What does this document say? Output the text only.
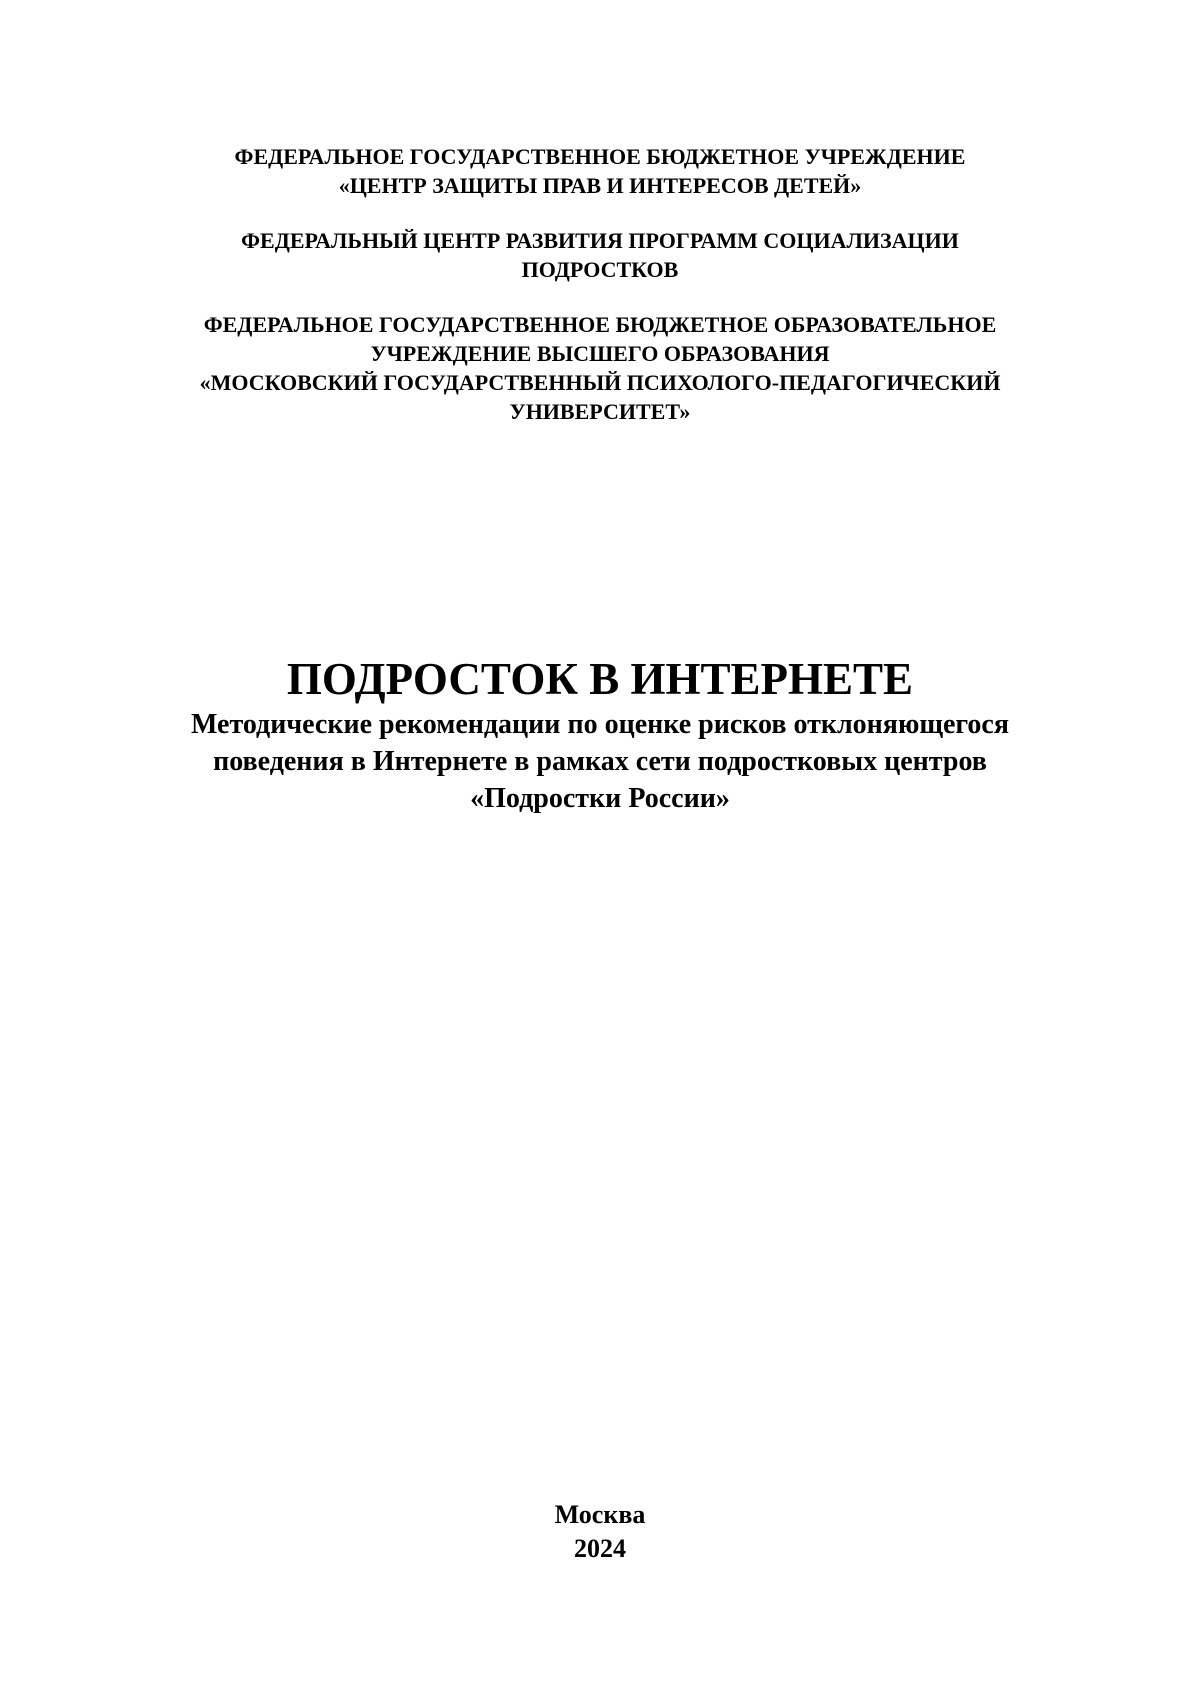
ФЕДЕРАЛЬНОЕ ГОСУДАРСТВЕННОЕ БЮДЖЕТНОЕ УЧРЕЖДЕНИЕ
«ЦЕНТР ЗАЩИТЫ ПРАВ И ИНТЕРЕСОВ ДЕТЕЙ»
ФЕДЕРАЛЬНЫЙ ЦЕНТР РАЗВИТИЯ ПРОГРАММ СОЦИАЛИЗАЦИИ
ПОДРОСТКОВ
ФЕДЕРАЛЬНОЕ ГОСУДАРСТВЕННОЕ БЮДЖЕТНОЕ ОБРАЗОВАТЕЛЬНОЕ
УЧРЕЖДЕНИЕ ВЫСШЕГО ОБРАЗОВАНИЯ
«МОСКОВСКИЙ ГОСУДАРСТВЕННЫЙ ПСИХОЛОГО-ПЕДАГОГИЧЕСКИЙ
УНИВЕРСИТЕТ»
ПОДРОСТОК В ИНТЕРНЕТЕ
Методические рекомендации по оценке рисков отклоняющегося
поведения в Интернете в рамках сети подростковых центров
«Подростки России»
Москва
2024
